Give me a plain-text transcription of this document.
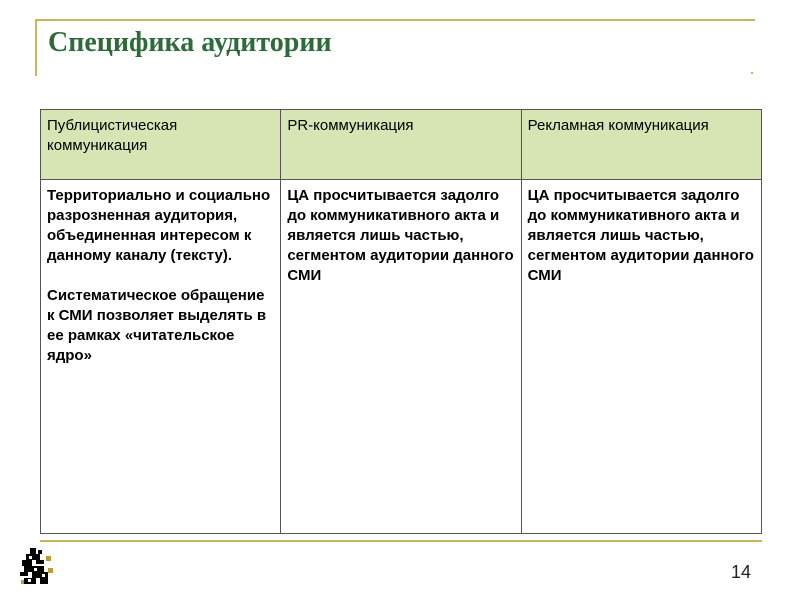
Специфика аудитории
Публицистическая коммуникация	PR-коммуникация	Рекламная коммуникация

Территориально и социально разрозненная аудитория, объединенная интересом к данному каналу (тексту).

Систематическое обращение к СМИ позволяет выделять в ее рамках «читательское ядро»	ЦА просчитывается задолго до коммуникативного акта и является лишь частью, сегментом аудитории данного СМИ	ЦА просчитывается задолго до коммуникативного акта и является лишь частью, сегментом аудитории данного СМИ

14
